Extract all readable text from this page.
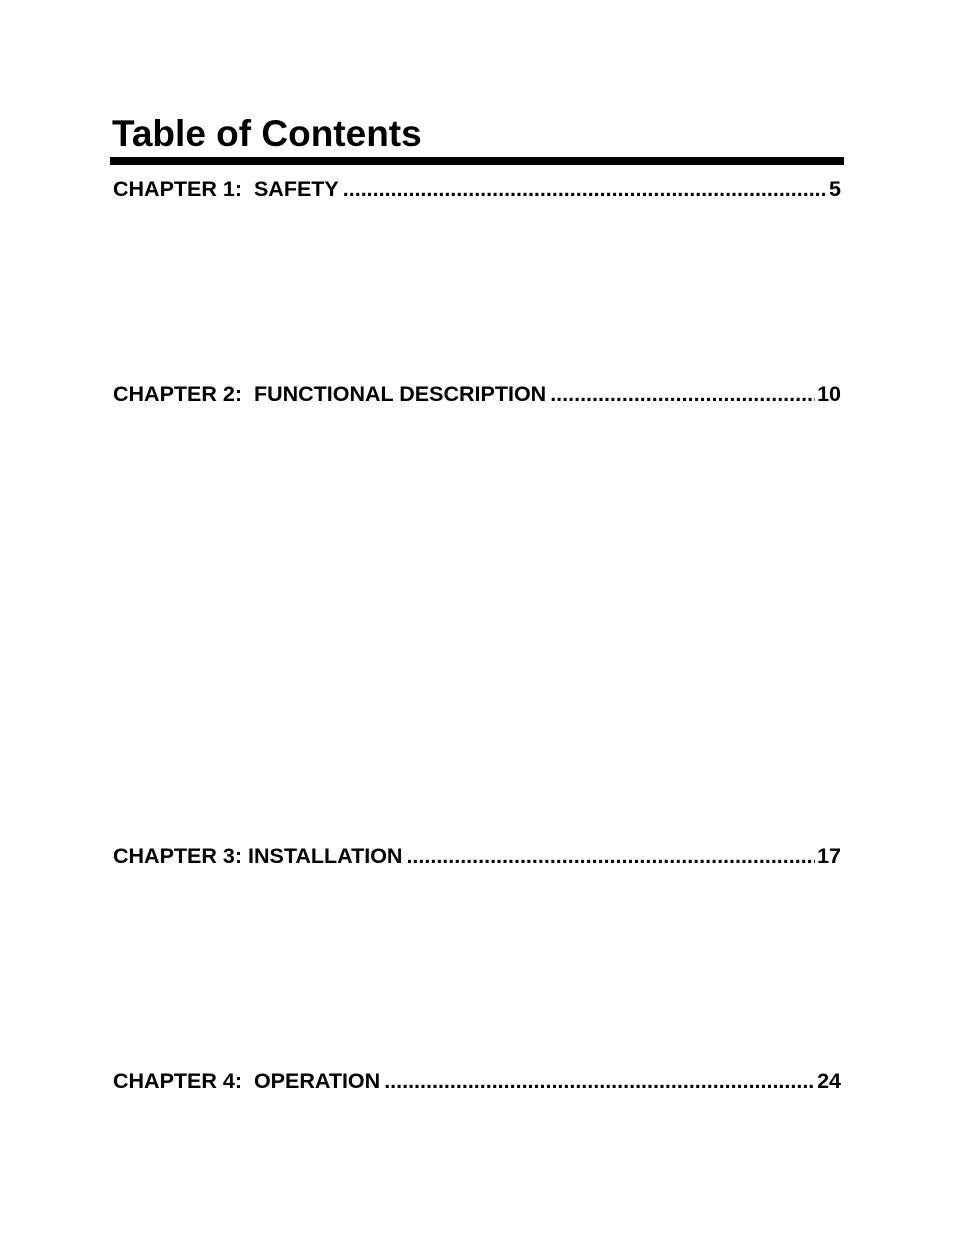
Table of Contents
CHAPTER 1:  SAFETY .....	5
CHAPTER 2:  FUNCTIONAL DESCRIPTION .....	10
CHAPTER 3: INSTALLATION .....	17
CHAPTER 4:  OPERATION .....	24
